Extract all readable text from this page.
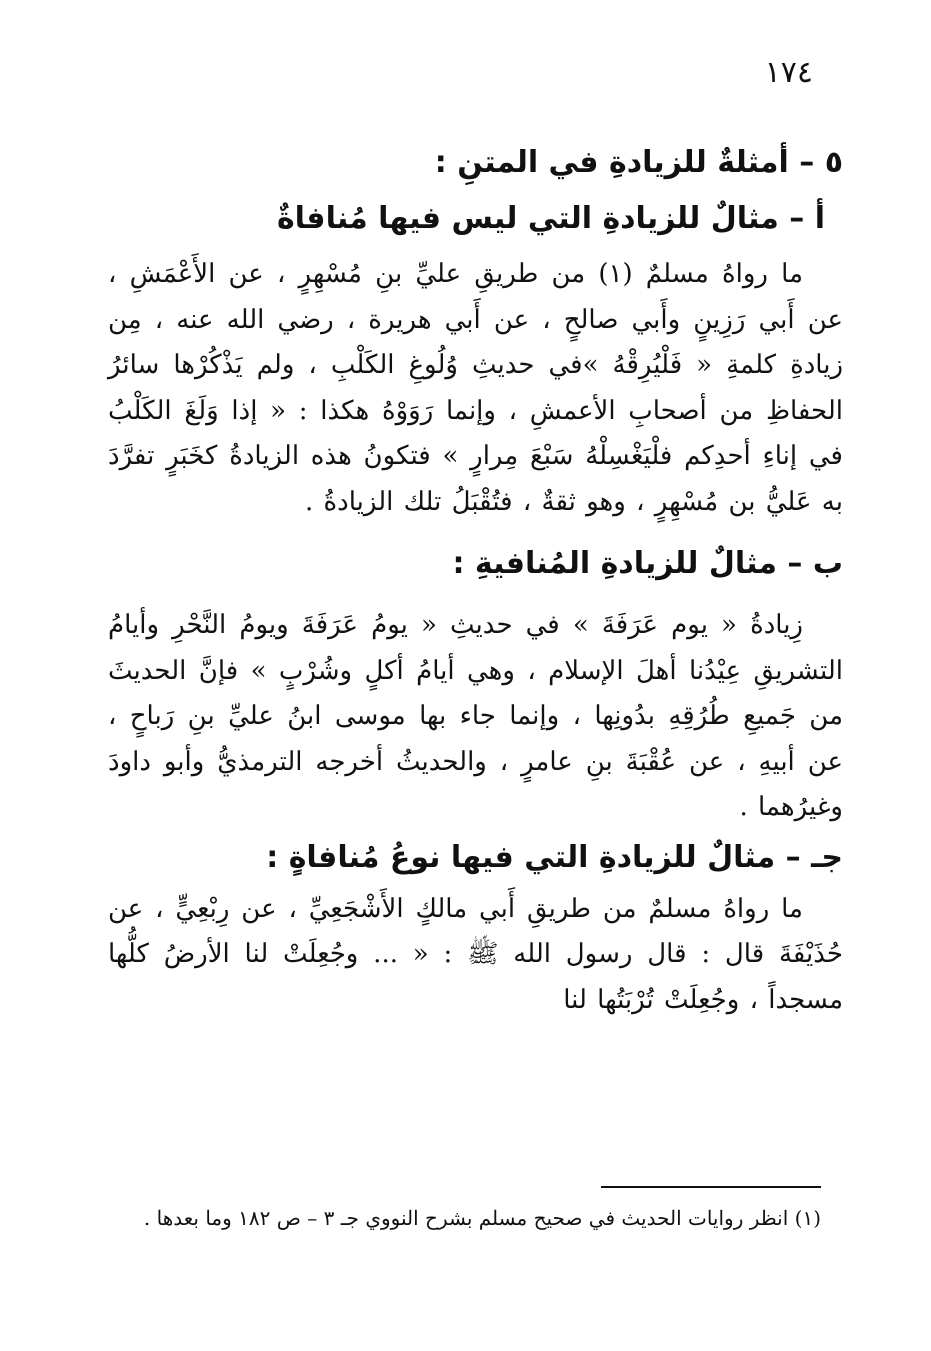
١٧٤
٥ – أمثلةٌ للزيادةِ في المتنِ :
أ – مثالٌ للزيادةِ التي ليس فيها مُنافاةٌ

ما رواهُ مسلمٌ (١) من طريقِ عليِّ بنِ مُسْهِرٍ ، عن الأَعْمَشِ ، عن أَبي رَزِينٍ وأَبي صالحٍ ، عن أَبي هريرة ، رضي الله عنه ، مِن زيادةِ كلمةِ « فَلْيُرِقْهُ »في حديثِ وُلُوغِ الكَلْبِ ، ولم يَذْكُرْها سائرُ الحفاظِ من أصحابِ الأعمشِ ، وإنما رَوَوْهُ هكذا : « إذا وَلَغَ الكَلْبُ في إناءِ أحدِكم فلْيَغْسِلْهُ سَبْعَ مِرارٍ » فتكونُ هذه الزيادةُ كخَبَرٍ تفرَّدَ به عَليُّ بن مُسْهِرٍ ، وهو ثقةٌ ، فتُقْبَلُ تلك الزيادةُ .

ب – مثالٌ للزيادةِ المُنافيةِ :

زِيادةُ « يوم عَرَفَةَ » في حديثِ « يومُ عَرَفَةَ ويومُ النَّحْرِ وأيامُ التشريقِ عِيْدُنا أهلَ الإسلام ، وهي أيامُ أكلٍ وشُرْبٍ » فإنَّ الحديثَ من جَميعِ طُرُقِهِ بدُونِها ، وإنما جاء بها موسى ابنُ عليِّ بنِ رَباحٍ ، عن أبيهِ ، عن عُقْبَةَ بنِ عامرٍ ، والحديثُ أخرجه الترمذيُّ وأبو داودَ وغيرُهما .

جـ – مثالٌ للزيادةِ التي فيها نوعُ مُنافاةٍ :

ما رواهُ مسلمٌ من طريقِ أَبي مالكٍ الأَشْجَعِيِّ ، عن رِبْعِيٍّ ، عن حُذَيْفَةَ قال : قال رسول الله ﷺ : « ... وجُعِلَتْ لنا الأرضُ كلُّها مسجداً ، وجُعِلَتْ تُرْبَتُها لنا

(١) انظر روايات الحديث في صحيح مسلم بشرح النووي جـ ٣ – ص ١٨٢ وما بعدها .
